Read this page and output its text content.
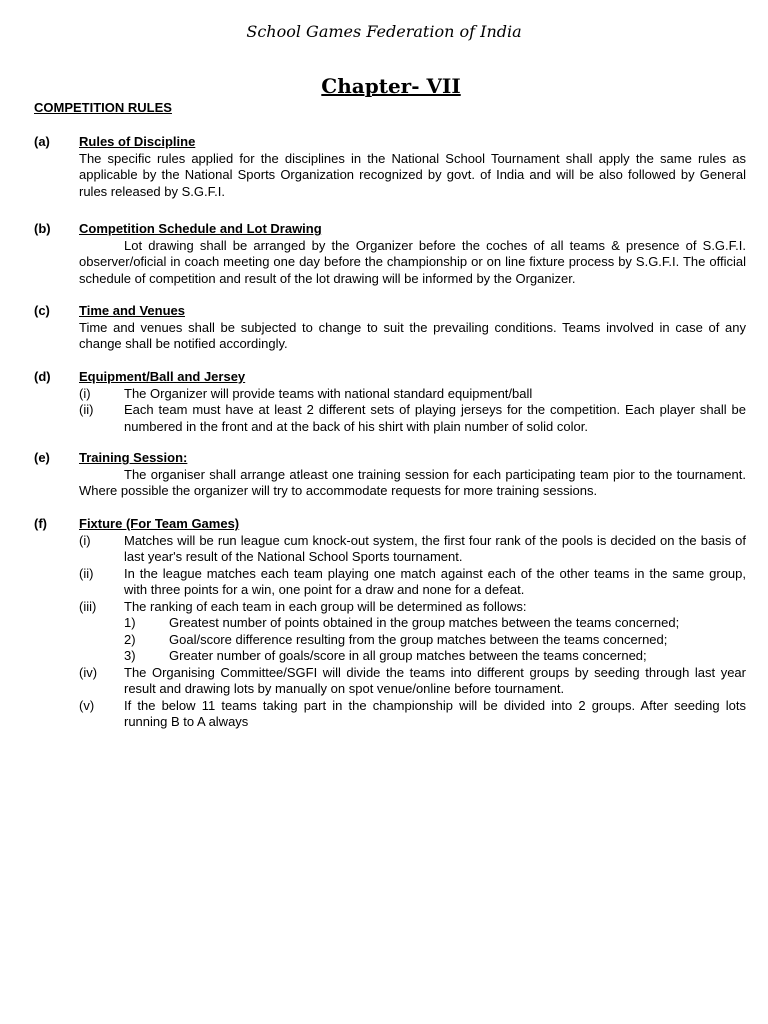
School Games Federation of India
Chapter- VII
COMPETITION RULES
(a) Rules of Discipline
The specific rules applied for the disciplines in the National School Tournament shall apply the same rules as applicable by the National Sports Organization recognized by govt. of India and will be also followed by General rules released by S.G.F.I.
(b) Competition Schedule and Lot Drawing
Lot drawing shall be arranged by the Organizer before the coches of all teams & presence of S.G.F.I. observer/oficial in coach meeting one day before the championship or on line fixture process by S.G.F.I. The official schedule of competition and result of the lot drawing will be informed by the Organizer.
(c) Time and Venues
Time and venues shall be subjected to change to suit the prevailing conditions. Teams involved in case of any change shall be notified accordingly.
(d) Equipment/Ball and Jersey
(i)	The Organizer will provide teams with national standard equipment/ball
(ii) Each team must have at least 2 different sets of playing jerseys for the competition. Each player shall be numbered in the front and at the back of his shirt with plain number of solid color.
(e) Training Session:
The organiser shall arrange atleast one training session for each participating team pior to the tournament. Where possible the organizer will try to accommodate requests for more training sessions.
(f) Fixture (For Team Games)
(i)	Matches will be run league cum knock-out system, the first four rank of the pools is decided on the basis of last year's result of the National School Sports tournament.
(ii) In the league matches each team playing one match against each of the other teams in the same group, with three points for a win, one point for a draw and none for a defeat.
(iii) The ranking of each team in each group will be determined as follows:
1)	Greatest number of points obtained in the group matches between the teams concerned;
2)	Goal/score difference resulting from the group matches between the teams concerned;
3)	Greater number of goals/score in all group matches between the teams concerned;
(iv) The Organising Committee/SGFI will divide the teams into different groups by seeding through last year result and drawing lots by manually on spot venue/online before tournament.
(v) If the below 11 teams taking part in the championship will be divided into 2 groups. After seeding lots running B to A always
